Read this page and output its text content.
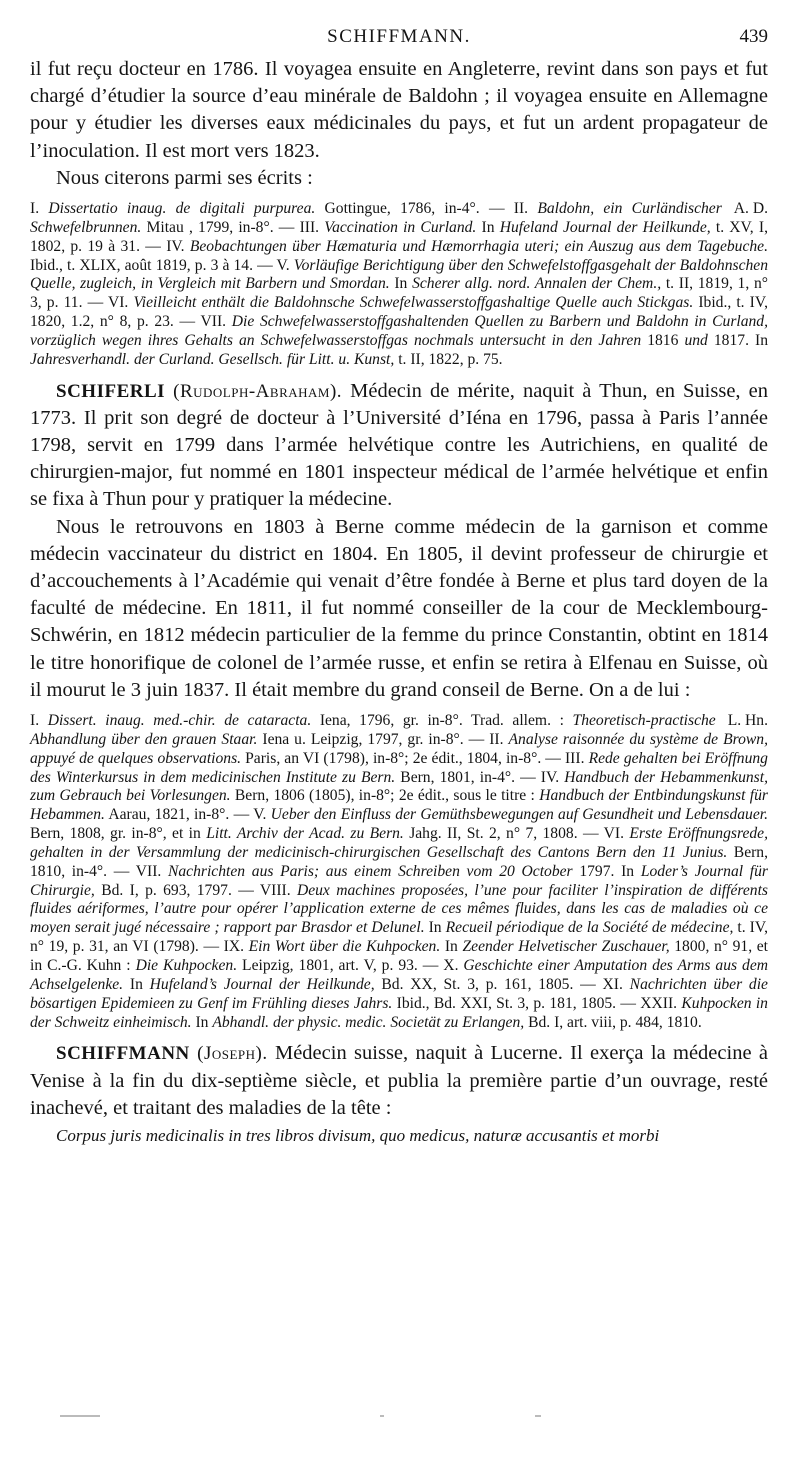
SCHIFFMANN.	439

il fut reçu docteur en 1786. Il voyagea ensuite en Angleterre, revint dans son pays et fut chargé d’étudier la source d’eau minérale de Baldohn ; il voyagea ensuite en Allemagne pour y étudier les diverses eaux médicinales du pays, et fut un ardent propagateur de l’inoculation. Il est mort vers 1823.

Nous citerons parmi ses écrits :

A. D.
I. Dissertatio inaug. de digitali purpurea. Gottingue, 1786, in-4°. — II. Baldohn, ein Curländischer Schwefelbrunnen. Mitau , 1799, in-8°. — III. Vaccination in Curland. In Hufeland Journal der Heilkunde, t. XV, I, 1802, p. 19 à 31. — IV. Beobachtungen über Hæmaturia und Hæmorrhagia uteri; ein Auszug aus dem Tagebuche. Ibid., t. XLIX, août 1819, p. 3 à 14. — V. Vorläufige Berichtigung über den Schwefelstoffgasgehalt der Baldohnschen Quelle, zugleich, in Vergleich mit Barbern und Smordan. In Scherer allg. nord. Annalen der Chem., t. II, 1819, 1, n° 3, p. 11. — VI. Vieilleicht enthält die Baldohnsche Schwefelwasserstoffgashaltige Quelle auch Stickgas. Ibid., t. IV, 1820, 1.2, n° 8, p. 23. — VII. Die Schwefelwasserstoffgashaltenden Quellen zu Barbern und Baldohn in Curland, vorzüglich wegen ihres Gehalts an Schwefelwasserstoffgas nochmals untersucht in den Jahren 1816 und 1817. In Jahresverhandl. der Curland. Gesellsch. für Litt. u. Kunst, t. II, 1822, p. 75.

SCHIFERLI (Rudolph-Abraham). Médecin de mérite, naquit à Thun, en Suisse, en 1773. Il prit son degré de docteur à l’Université d’Iéna en 1796, passa à Paris l’année 1798, servit en 1799 dans l’armée helvétique contre les Autrichiens, en qualité de chirurgien-major, fut nommé en 1801 inspecteur médical de l’armée helvétique et enfin se fixa à Thun pour y pratiquer la médecine.

Nous le retrouvons en 1803 à Berne comme médecin de la garnison et comme médecin vaccinateur du district en 1804. En 1805, il devint professeur de chirurgie et d’accouchements à l’Académie qui venait d’être fondée à Berne et plus tard doyen de la faculté de médecine. En 1811, il fut nommé conseiller de la cour de Mecklembourg-Schwérin, en 1812 médecin particulier de la femme du prince Constantin, obtint en 1814 le titre honorifique de colonel de l’armée russe, et enfin se retira à Elfenau en Suisse, où il mourut le 3 juin 1837. Il était membre du grand conseil de Berne. On a de lui :

L. Hn.
I. Dissert. inaug. med.-chir. de cataracta. Iena, 1796, gr. in-8°. Trad. allem. : Theoretisch-practische Abhandlung über den grauen Staar. Iena u. Leipzig, 1797, gr. in-8°. — II. Analyse raisonnée du système de Brown, appuyé de quelques observations. Paris, an VI (1798), in-8°; 2e édit., 1804, in-8°. — III. Rede gehalten bei Eröffnung des Winterkursus in dem medicinischen Institute zu Bern. Bern, 1801, in-4°. — IV. Handbuch der Hebammenkunst, zum Gebrauch bei Vorlesungen. Bern, 1806 (1805), in-8°; 2e édit., sous le titre : Handbuch der Entbindungskunst für Hebammen. Aarau, 1821, in-8°. — V. Ueber den Einfluss der Gemüthsbewegungen auf Gesundheit und Lebensdauer. Bern, 1808, gr. in-8°, et in Litt. Archiv der Acad. zu Bern. Jahg. II, St. 2, n° 7, 1808. — VI. Erste Eröffnungsrede, gehalten in der Versammlung der medicinisch-chirurgischen Gesellschaft des Cantons Bern den 11 Junius. Bern, 1810, in-4°. — VII. Nachrichten aus Paris; aus einem Schreiben vom 20 October 1797. In Loder’s Journal für Chirurgie, Bd. I, p. 693, 1797. — VIII. Deux machines proposées, l’une pour faciliter l’inspiration de différents fluides aériformes, l’autre pour opérer l’application externe de ces mêmes fluides, dans les cas de maladies où ce moyen serait jugé nécessaire ; rapport par Brasdor et Delunel. In Recueil périodique de la Société de médecine, t. IV, n° 19, p. 31, an VI (1798). — IX. Ein Wort über die Kuhpocken. In Zeender Helvetischer Zuschauer, 1800, n° 91, et in C.-G. Kuhn : Die Kuhpocken. Leipzig, 1801, art. V, p. 93. — X. Geschichte einer Amputation des Arms aus dem Achselgelenke. In Hufeland’s Journal der Heilkunde, Bd. XX, St. 3, p. 161, 1805. — XI. Nachrichten über die bösartigen Epidemieen zu Genf im Frühling dieses Jahrs. Ibid., Bd. XXI, St. 3, p. 181, 1805. — XXII. Kuhpocken in der Schweitz einheimisch. In Abhandl. der physic. medic. Societät zu Erlangen, Bd. I, art. viii, p. 484, 1810.

SCHIFFMANN (Joseph). Médecin suisse, naquit à Lucerne. Il exerça la médecine à Venise à la fin du dix-septième siècle, et publia la première partie d’un ouvrage, resté inachevé, et traitant des maladies de la tête :

Corpus juris medicinalis in tres libros divisum, quo medicus, naturæ accusantis et morbi
